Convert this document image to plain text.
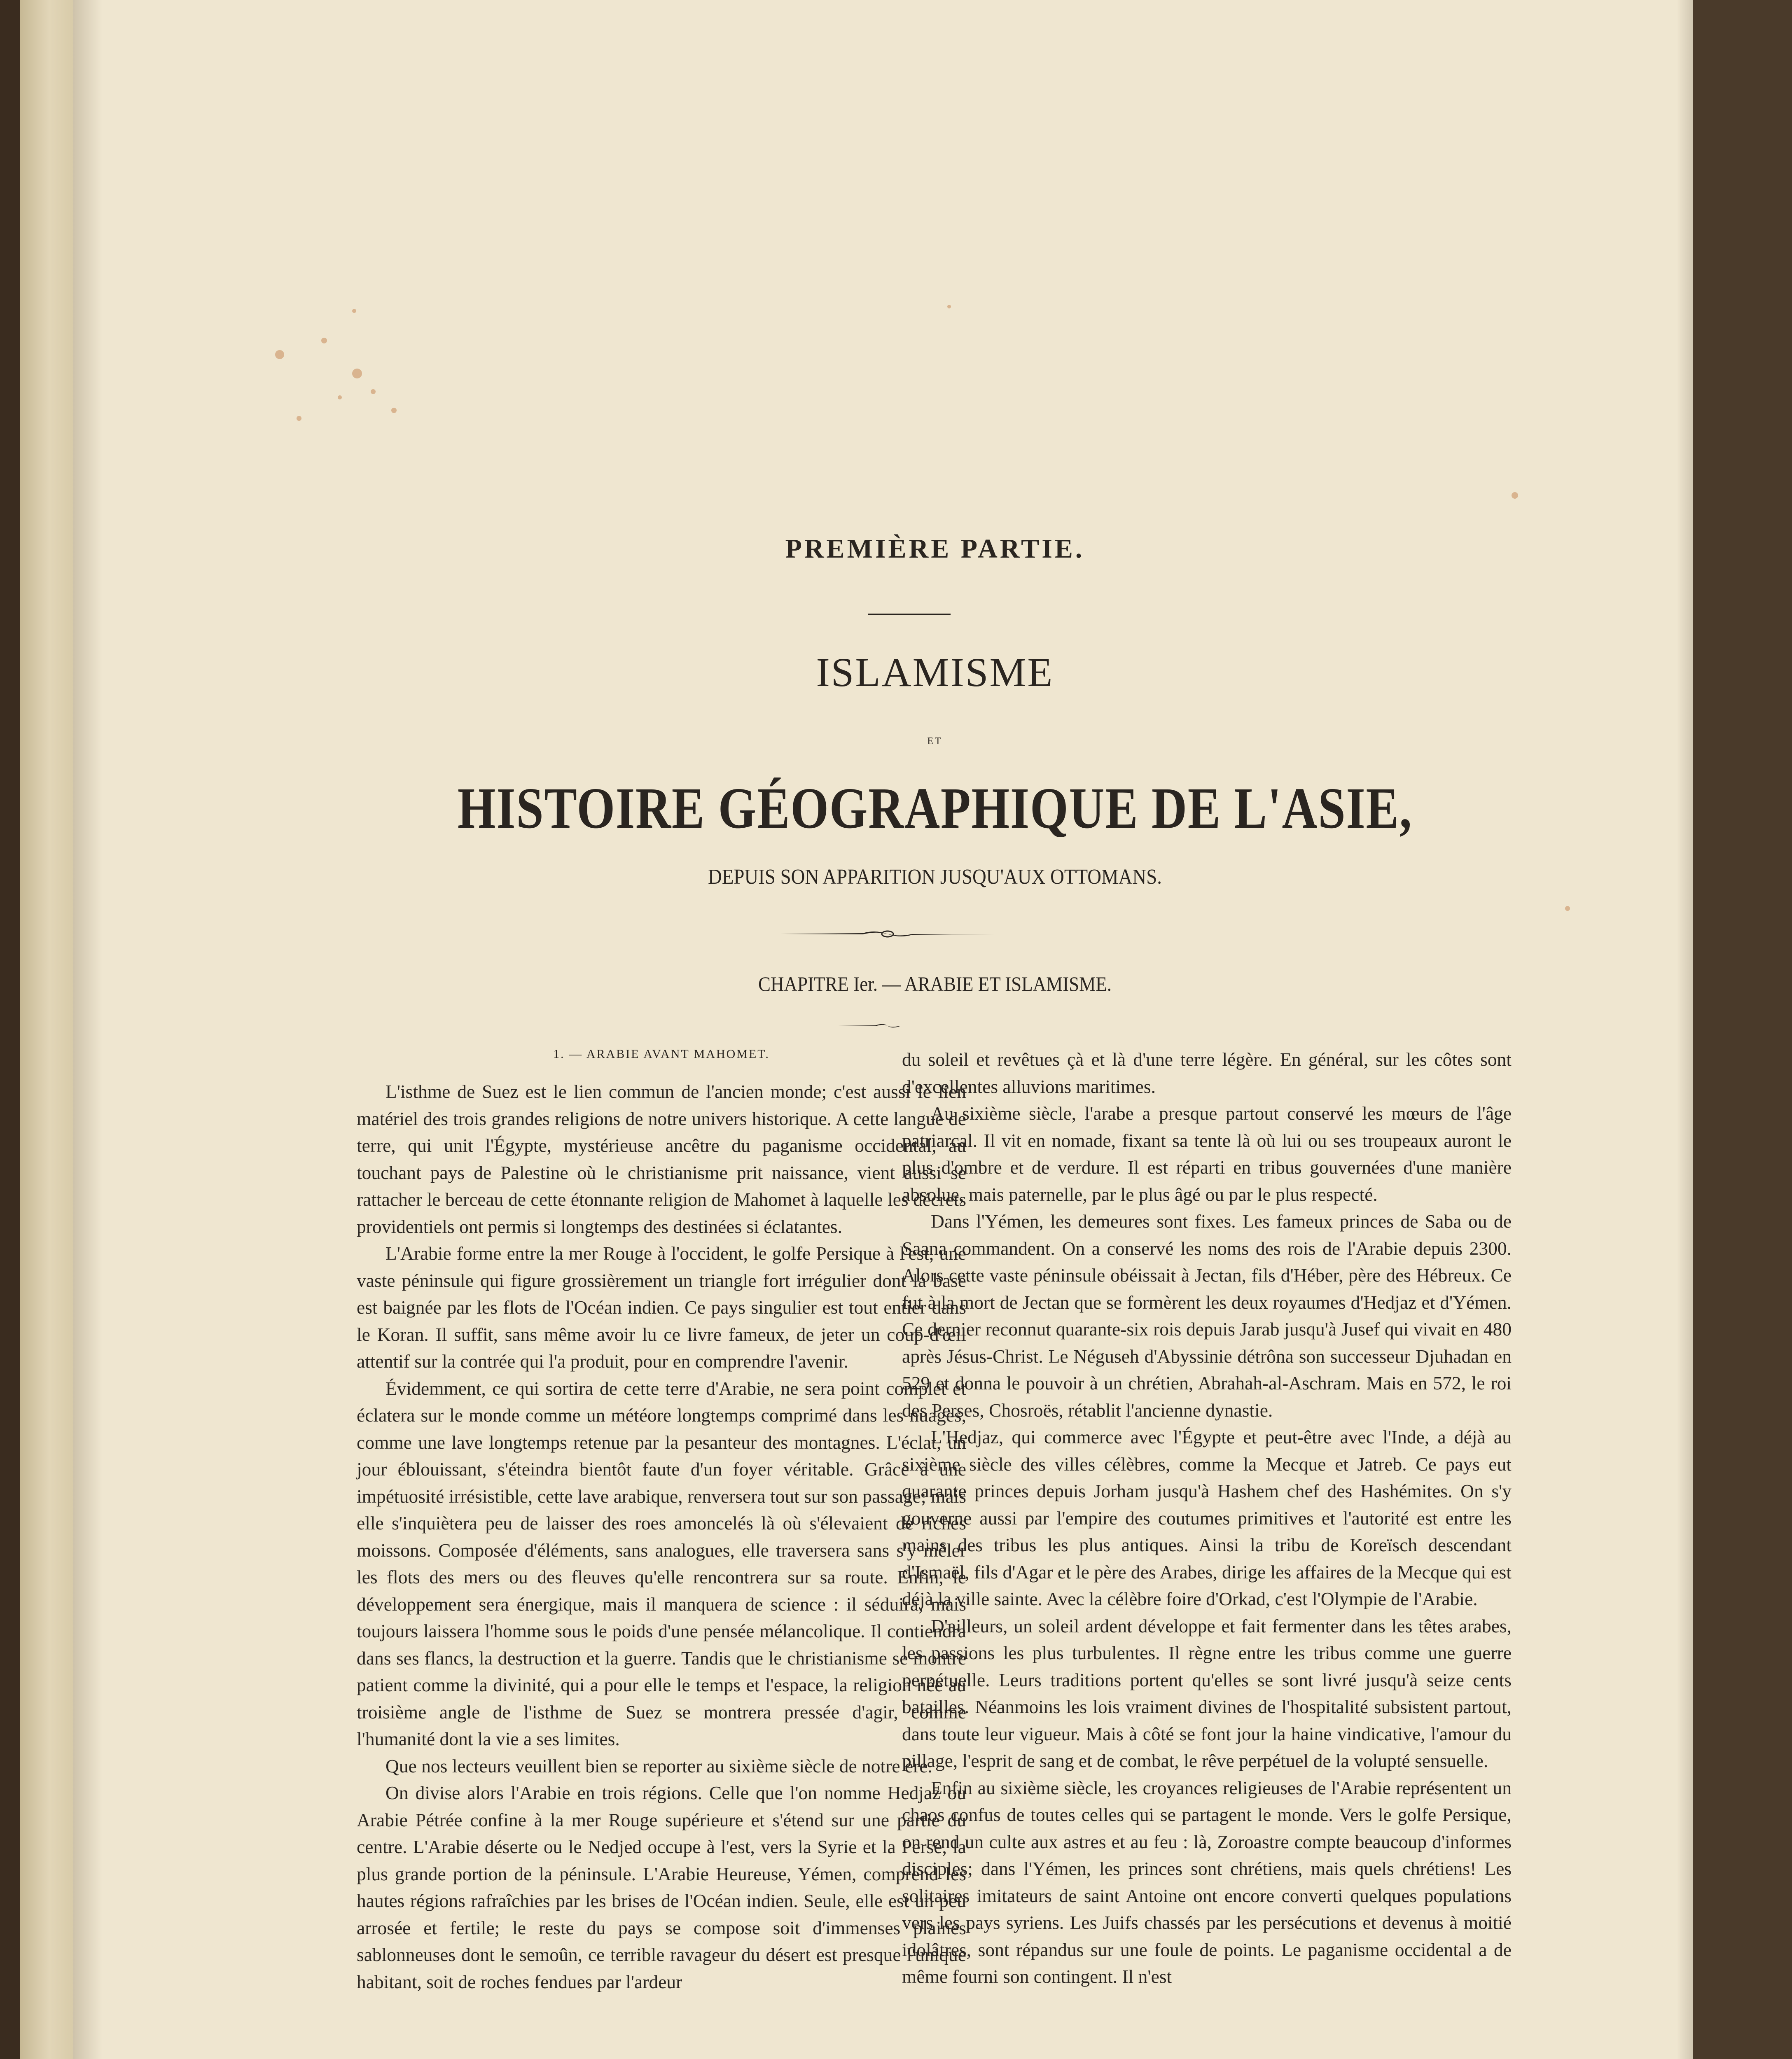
PREMIÈRE PARTIE.
ISLAMISME
ET
HISTOIRE GÉOGRAPHIQUE DE L'ASIE,
DEPUIS SON APPARITION JUSQU'AUX OTTOMANS.
CHAPITRE Ier. — ARABIE ET ISLAMISME.

1. — ARABIE AVANT MAHOMET.

L'isthme de Suez est le lien commun de l'ancien monde; c'est aussi le lien matériel des trois grandes religions de notre univers historique. A cette langue de terre, qui unit l'Égypte, mystérieuse ancêtre du paganisme occidental, au touchant pays de Palestine où le christianisme prit naissance, vient aussi se rattacher le berceau de cette étonnante religion de Mahomet à laquelle les décrets providentiels ont permis si longtemps des destinées si éclatantes.

L'Arabie forme entre la mer Rouge à l'occident, le golfe Persique à l'est, une vaste péninsule qui figure grossièrement un triangle fort irrégulier dont la base est baignée par les flots de l'Océan indien. Ce pays singulier est tout entier dans le Koran. Il suffit, sans même avoir lu ce livre fameux, de jeter un coup-d'œil attentif sur la contrée qui l'a produit, pour en comprendre l'avenir.

Évidemment, ce qui sortira de cette terre d'Arabie, ne sera point complet et éclatera sur le monde comme un météore longtemps comprimé dans les nuages, comme une lave longtemps retenue par la pesanteur des montagnes. L'éclat, un jour éblouissant, s'éteindra bientôt faute d'un foyer véritable. Grâce à une impétuosité irrésistible, cette lave arabique, renversera tout sur son passage; mais elle s'inquiètera peu de laisser des roes amoncelés là où s'élevaient de riches moissons. Composée d'éléments, sans analogues, elle traversera sans s'y mêler les flots des mers ou des fleuves qu'elle rencontrera sur sa route. Enfin, le développement sera énergique, mais il manquera de science : il séduira, mais toujours laissera l'homme sous le poids d'une pensée mélancolique. Il contiendra dans ses flancs, la destruction et la guerre. Tandis que le christianisme se montre patient comme la divinité, qui a pour elle le temps et l'espace, la religion née au troisième angle de l'isthme de Suez se montrera pressée d'agir, comme l'humanité dont la vie a ses limites.

Que nos lecteurs veuillent bien se reporter au sixième siècle de notre ère.

On divise alors l'Arabie en trois régions. Celle que l'on nomme Hedjaz ou Arabie Pétrée confine à la mer Rouge supérieure et s'étend sur une partie du centre. L'Arabie déserte ou le Nedjed occupe à l'est, vers la Syrie et la Perse, la plus grande portion de la péninsule. L'Arabie Heureuse, Yémen, comprend les hautes régions rafraîchies par les brises de l'Océan indien. Seule, elle est un peu arrosée et fertile; le reste du pays se compose soit d'immenses plaines sablonneuses dont le semoûn, ce terrible ravageur du désert est presque l'unique habitant, soit de roches fendues par l'ardeur

du soleil et revêtues çà et là d'une terre légère. En général, sur les côtes sont d'excellentes alluvions maritimes.

Au sixième siècle, l'arabe a presque partout conservé les mœurs de l'âge patriarcal. Il vit en nomade, fixant sa tente là où lui ou ses troupeaux auront le plus d'ombre et de verdure. Il est réparti en tribus gouvernées d'une manière absolue, mais paternelle, par le plus âgé ou par le plus respecté.

Dans l'Yémen, les demeures sont fixes. Les fameux princes de Saba ou de Saana commandent. On a conservé les noms des rois de l'Arabie depuis 2300. Alors cette vaste péninsule obéissait à Jectan, fils d'Héber, père des Hébreux. Ce fut à la mort de Jectan que se formèrent les deux royaumes d'Hedjaz et d'Yémen. Ce dernier reconnut quarante-six rois depuis Jarab jusqu'à Jusef qui vivait en 480 après Jésus-Christ. Le Néguseh d'Abyssinie détrôna son successeur Djuhadan en 529 et donna le pouvoir à un chrétien, Abrahah-al-Aschram. Mais en 572, le roi des Perses, Chosroës, rétablit l'ancienne dynastie.

L'Hedjaz, qui commerce avec l'Égypte et peut-être avec l'Inde, a déjà au sixième siècle des villes célèbres, comme la Mecque et Jatreb. Ce pays eut quarante princes depuis Jorham jusqu'à Hashem chef des Hashémites. On s'y gouverne aussi par l'empire des coutumes primitives et l'autorité est entre les mains des tribus les plus antiques. Ainsi la tribu de Koreïsch descendant d'Ismaël, fils d'Agar et le père des Arabes, dirige les affaires de la Mecque qui est déjà la ville sainte. Avec la célèbre foire d'Orkad, c'est l'Olympie de l'Arabie.

D'ailleurs, un soleil ardent développe et fait fermenter dans les têtes arabes, les passions les plus turbulentes. Il règne entre les tribus comme une guerre perpétuelle. Leurs traditions portent qu'elles se sont livré jusqu'à seize cents batailles. Néanmoins les lois vraiment divines de l'hospitalité subsistent partout, dans toute leur vigueur. Mais à côté se font jour la haine vindicative, l'amour du pillage, l'esprit de sang et de combat, le rêve perpétuel de la volupté sensuelle.

Enfin au sixième siècle, les croyances religieuses de l'Arabie représentent un chaos confus de toutes celles qui se partagent le monde. Vers le golfe Persique, on rend un culte aux astres et au feu : là, Zoroastre compte beaucoup d'informes disciples; dans l'Yémen, les princes sont chrétiens, mais quels chrétiens! Les solitaires imitateurs de saint Antoine ont encore converti quelques populations vers les pays syriens. Les Juifs chassés par les persécutions et devenus à moitié idolâtres, sont répandus sur une foule de points. Le paganisme occidental a de même fourni son contingent. Il n'est
